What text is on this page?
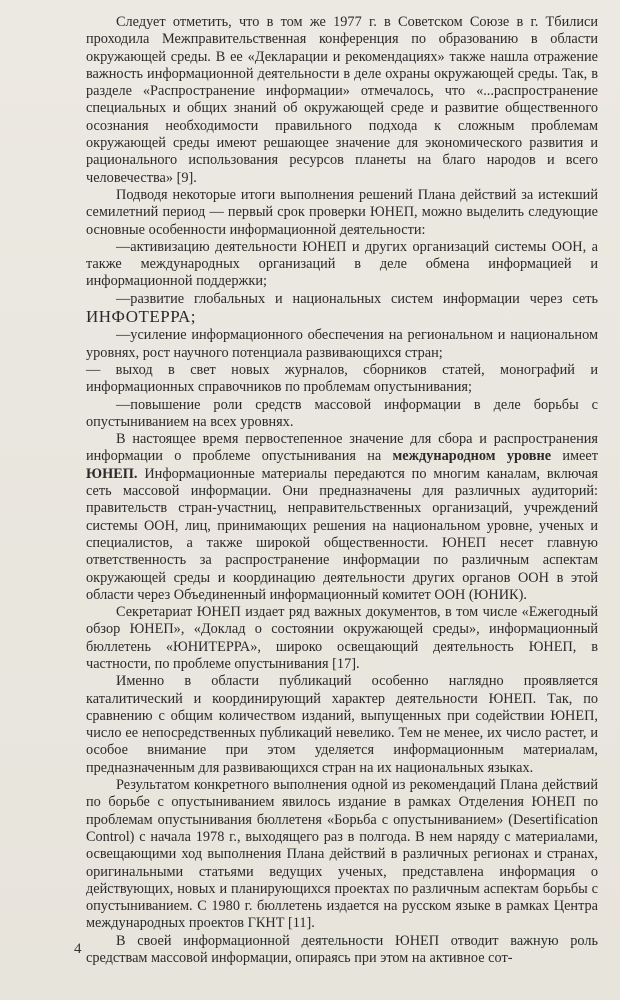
Следует отметить, что в том же 1977 г. в Советском Союзе в г. Тбилиси проходила Межправительственная конференция по образованию в области окружающей среды. В ее «Декларации и рекомендациях» также нашла отражение важность информационной деятельности в деле охраны окружающей среды. Так, в разделе «Распространение информации» отмечалось, что «...распространение специальных и общих знаний об окружающей среде и развитие общественного осознания необходимости правильного подхода к сложным проблемам окружающей среды имеют решающее значение для экономического развития и рационального использования ресурсов планеты на благо народов и всего человечества» [9].

Подводя некоторые итоги выполнения решений Плана действий за истекший семилетний период — первый срок проверки ЮНЕП, можно выделить следующие основные особенности информационной деятельности:

—активизацию деятельности ЮНЕП и других организаций системы ООН, а также международных организаций в деле обмена информацией и информационной поддержки;

—развитие глобальных и национальных систем информации через сеть ИНФОТЕРРА;

—усиление информационного обеспечения на региональном и национальном уровнях, рост научного потенциала развивающихся стран;

— выход в свет новых журналов, сборников статей, монографий и информационных справочников по проблемам опустынивания;

—повышение роли средств массовой информации в деле борьбы с опустыниванием на всех уровнях.

В настоящее время первостепенное значение для сбора и распространения информации о проблеме опустынивания на международном уровне имеет ЮНЕП. Информационные материалы передаются по многим каналам, включая сеть массовой информации. Они предназначены для различных аудиторий: правительств стран-участниц, неправительственных организаций, учреждений системы ООН, лиц, принимающих решения на национальном уровне, ученых и специалистов, а также широкой общественности. ЮНЕП несет главную ответственность за распространение информации по различным аспектам окружающей среды и координацию деятельности других органов ООН в этой области через Объединенный информационный комитет ООН (ЮНИК).

Секретариат ЮНЕП издает ряд важных документов, в том числе «Ежегодный обзор ЮНЕП», «Доклад о состоянии окружающей среды», информационный бюллетень «ЮНИТЕРРА», широко освещающий деятельность ЮНЕП, в частности, по проблеме опустынивания [17].

Именно в области публикаций особенно наглядно проявляется каталитический и координирующий характер деятельности ЮНЕП. Так, по сравнению с общим количеством изданий, выпущенных при содействии ЮНЕП, число ее непосредственных публикаций невелико. Тем не менее, их число растет, и особое внимание при этом уделяется информационным материалам, предназначенным для развивающихся стран на их национальных языках.

Результатом конкретного выполнения одной из рекомендаций Плана действий по борьбе с опустыниванием явилось издание в рамках Отделения ЮНЕП по проблемам опустынивания бюллетеня «Борьба с опустыниванием» (Desertification Control) с начала 1978 г., выходящего раз в полгода. В нем наряду с материалами, освещающими ход выполнения Плана действий в различных регионах и странах, оригинальными статьями ведущих ученых, представлена информация о действующих, новых и планирующихся проектах по различным аспектам борьбы с опустыниванием. С 1980 г. бюллетень издается на русском языке в рамках Центра международных проектов ГКНТ [11].

В своей информационной деятельности ЮНЕП отводит важную роль средствам массовой информации, опираясь при этом на активное сот-

4
